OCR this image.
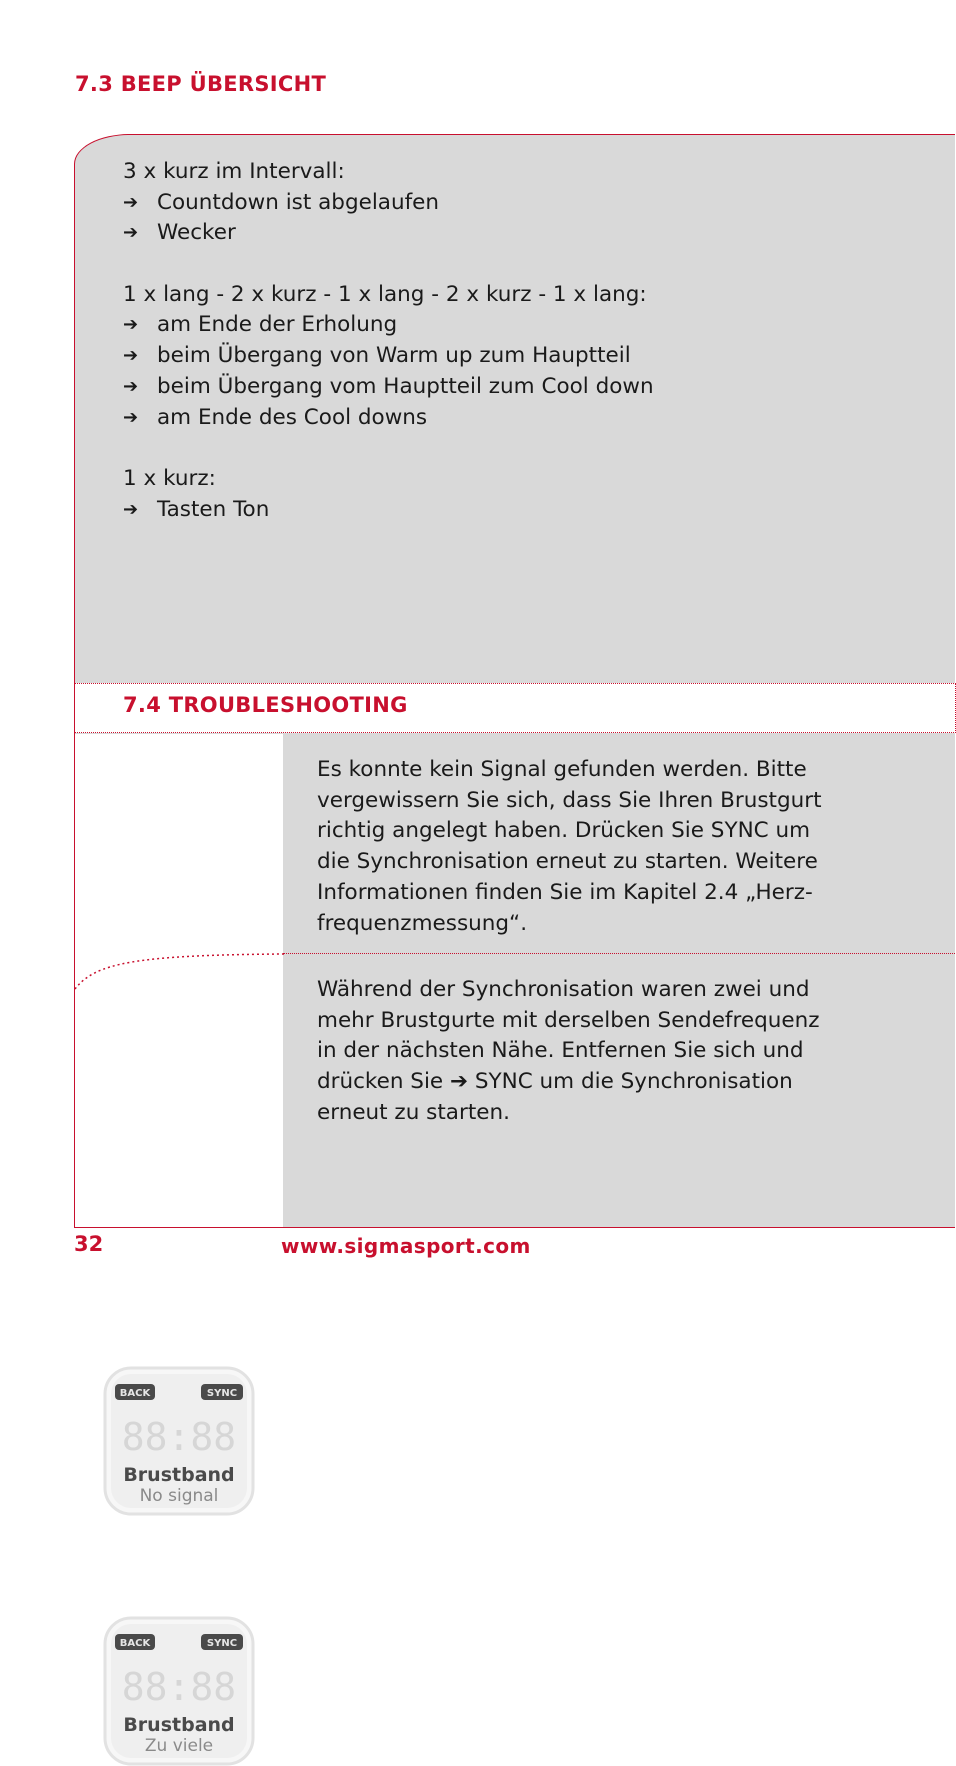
7.3 BEEP ÜBERSICHT
3 x kurz im Intervall:
➔ Countdown ist abgelaufen
➔ Wecker
1 x lang - 2 x kurz - 1 x lang - 2 x kurz - 1 x lang:
➔ am Ende der Erholung
➔ beim Übergang von Warm up zum Hauptteil
➔ beim Übergang vom Hauptteil zum Cool down
➔ am Ende des Cool downs
1 x kurz:
➔ Tasten Ton
7.4 TROUBLESHOOTING
BACK	SYNC
88:88
Brustband
No signal
BACK	SYNC
88:88
Brustband
Zu viele
Es konnte kein Signal gefunden werden. Bitte
vergewissern Sie sich, dass Sie Ihren Brustgurt
richtig angelegt haben. Drücken Sie SYNC um
die Synchronisation erneut zu starten. Weitere
Informationen finden Sie im Kapitel 2.4 „Herz-
frequenzmessung“.
Während der Synchronisation waren zwei und
mehr Brustgurte mit derselben Sendefrequenz
in der nächsten Nähe. Entfernen Sie sich und
drücken Sie ➔ SYNC um die Synchronisation
erneut zu starten.
32	www.sigmasport.com
